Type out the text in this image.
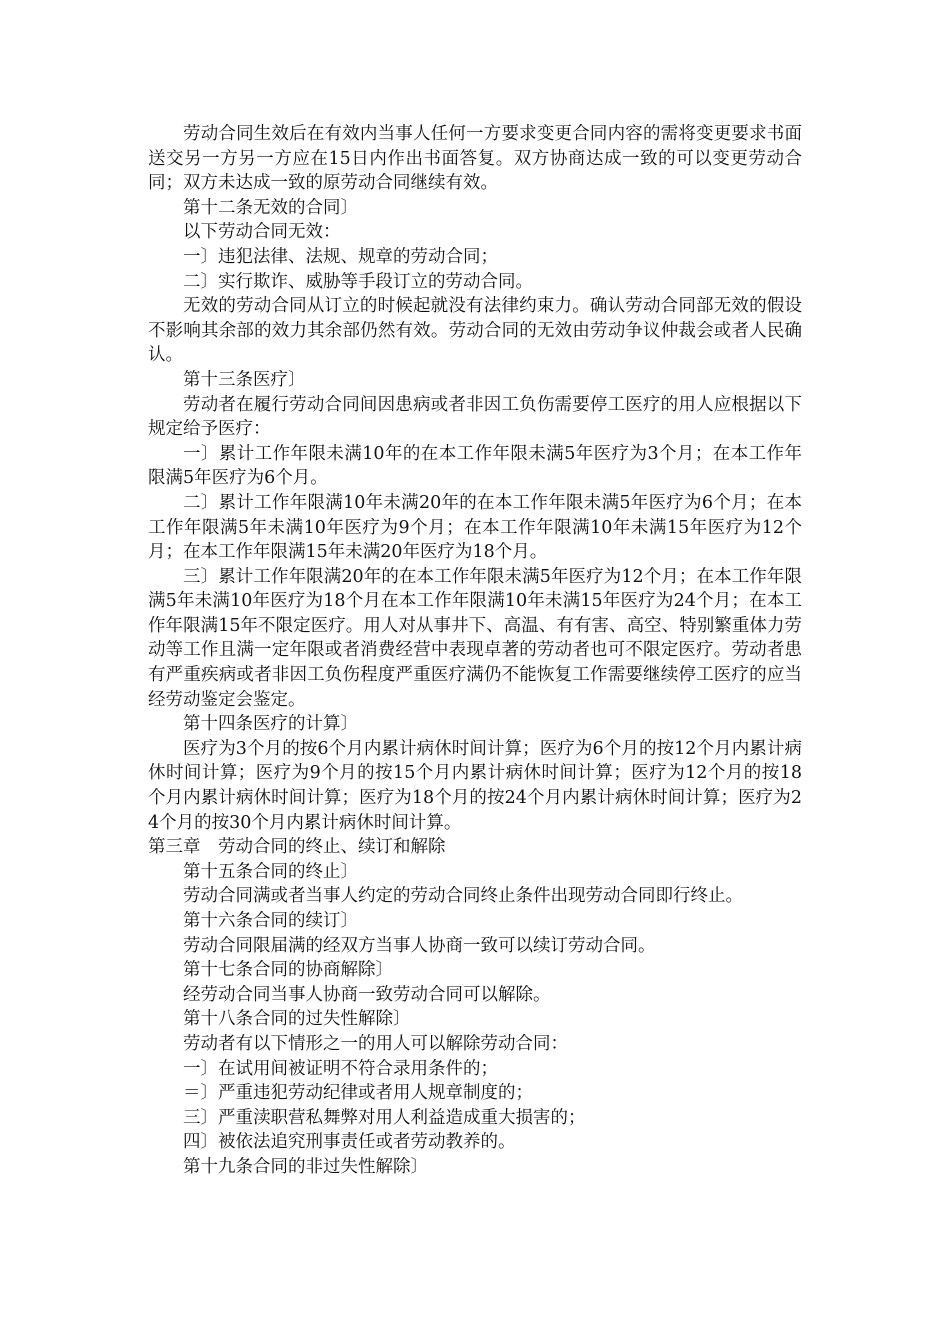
劳动合同生效后在有效内当事人任何一方要求变更合同内容的需将变更要求书面送交另一方另一方应在15日内作出书面答复。双方协商达成一致的可以变更劳动合同；双方未达成一致的原劳动合同继续有效。

第十二条无效的合同〕

以下劳动合同无效：

一〕违犯法律、法规、规章的劳动合同；

二〕实行欺诈、威胁等手段订立的劳动合同。

无效的劳动合同从订立的时候起就没有法律约束力。确认劳动合同部无效的假设不影响其余部的效力其余部仍然有效。劳动合同的无效由劳动争议仲裁会或者人民确认。

第十三条医疗〕

劳动者在履行劳动合同间因患病或者非因工负伤需要停工医疗的用人应根据以下规定给予医疗：

一〕累计工作年限未满10年的在本工作年限未满5年医疗为3个月；在本工作年限满5年医疗为6个月。

二〕累计工作年限满10年未满20年的在本工作年限未满5年医疗为6个月；在本工作年限满5年未满10年医疗为9个月；在本工作年限满10年未满15年医疗为12个月；在本工作年限满15年未满20年医疗为18个月。

三〕累计工作年限满20年的在本工作年限未满5年医疗为12个月；在本工作年限满5年未满10年医疗为18个月在本工作年限满10年未满15年医疗为24个月；在本工作年限满15年不限定医疗。用人对从事井下、高温、有有害、高空、特别繁重体力劳动等工作且满一定年限或者消费经营中表现卓著的劳动者也可不限定医疗。劳动者患有严重疾病或者非因工负伤程度严重医疗满仍不能恢复工作需要继续停工医疗的应当经劳动鉴定会鉴定。

第十四条医疗的计算〕

医疗为3个月的按6个月内累计病休时间计算；医疗为6个月的按12个月内累计病休时间计算；医疗为9个月的按15个月内累计病休时间计算；医疗为12个月的按18个月内累计病休时间计算；医疗为18个月的按24个月内累计病休时间计算；医疗为24个月的按30个月内累计病休时间计算。

第三章　劳动合同的终止、续订和解除

第十五条合同的终止〕

劳动合同满或者当事人约定的劳动合同终止条件出现劳动合同即行终止。

第十六条合同的续订〕

劳动合同限届满的经双方当事人协商一致可以续订劳动合同。

第十七条合同的协商解除〕

经劳动合同当事人协商一致劳动合同可以解除。

第十八条合同的过失性解除〕

劳动者有以下情形之一的用人可以解除劳动合同：

一〕在试用间被证明不符合录用条件的；

＝〕严重违犯劳动纪律或者用人规章制度的；

三〕严重渎职营私舞弊对用人利益造成重大损害的；

四〕被依法追究刑事责任或者劳动教养的。

第十九条合同的非过失性解除〕
